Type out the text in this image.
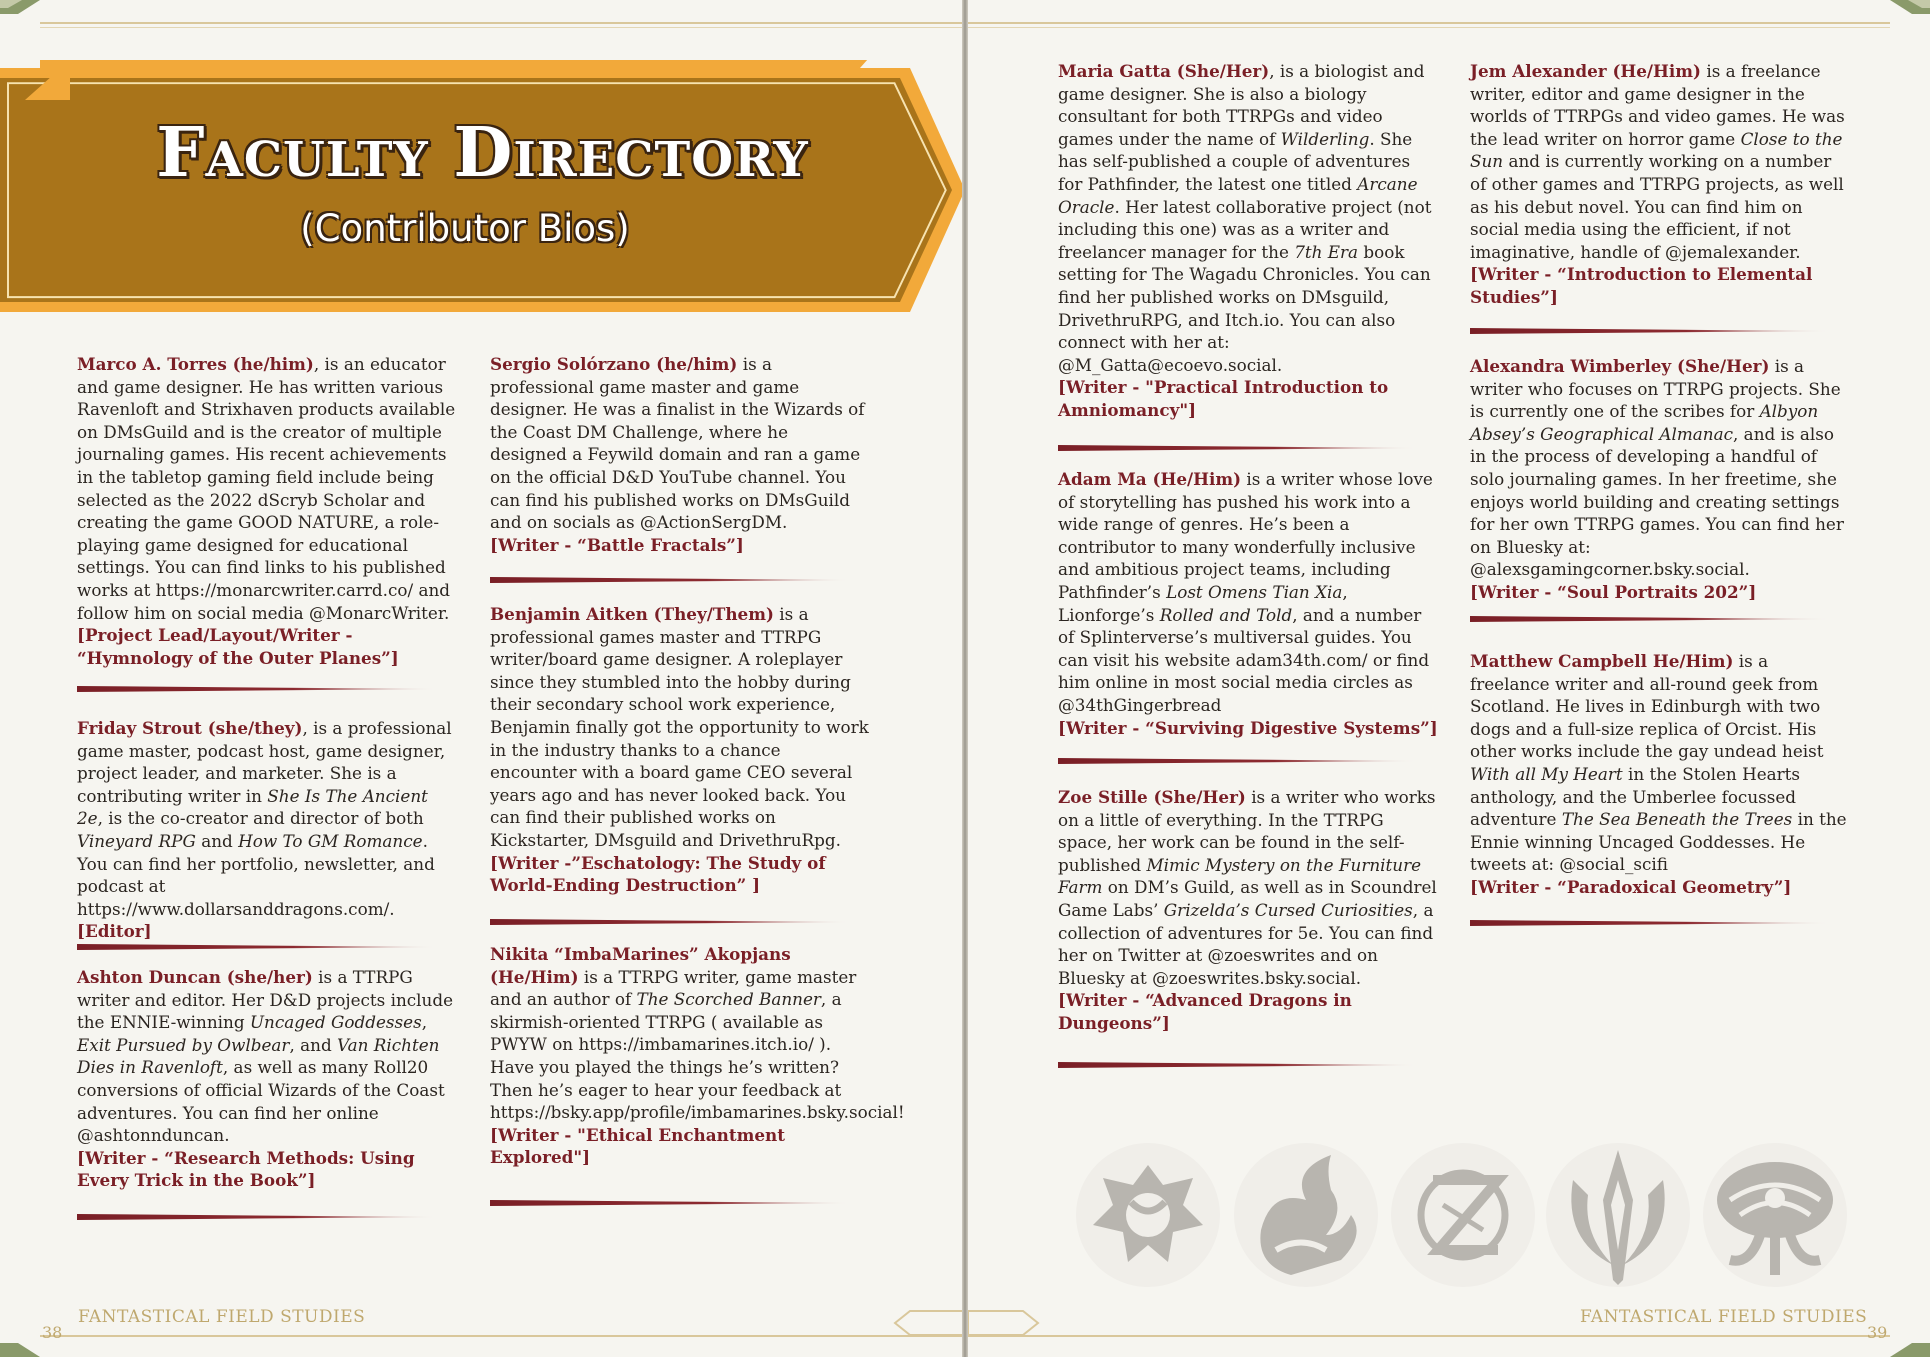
Faculty Directory
(Contributor Bios)

Marco A. Torres (he/him), is an educator and game designer. He has written various Ravenloft and Strixhaven products available on DMsGuild and is the creator of multiple journaling games. His recent achievements in the tabletop gaming field include being selected as the 2022 dScryb Scholar and creating the game GOOD NATURE, a role-playing game designed for educational settings. You can find links to his published works at https://monarcwriter.carrd.co/ and follow him on social media @MonarcWriter.
[Project Lead/Layout/Writer - “Hymnology of the Outer Planes”]

Friday Strout (she/they), is a professional game master, podcast host, game designer, project leader, and marketer. She is a contributing writer in She Is The Ancient 2e, is the co-creator and director of both Vineyard RPG and How To GM Romance. You can find her portfolio, newsletter, and podcast at https://www.dollarsanddragons.com/.
[Editor]

Ashton Duncan (she/her) is a TTRPG writer and editor. Her D&D projects include the ENNIE-winning Uncaged Goddesses, Exit Pursued by Owlbear, and Van Richten Dies in Ravenloft, as well as many Roll20 conversions of official Wizards of the Coast adventures. You can find her online @ashtonnduncan.
[Writer - “Research Methods: Using Every Trick in the Book”]

Sergio Solórzano (he/him) is a professional game master and game designer. He was a finalist in the Wizards of the Coast DM Challenge, where he designed a Feywild domain and ran a game on the official D&D YouTube channel. You can find his published works on DMsGuild and on socials as @ActionSergDM.
[Writer - “Battle Fractals”]

Benjamin Aitken (They/Them) is a professional games master and TTRPG writer/board game designer. A roleplayer since they stumbled into the hobby during their secondary school work experience, Benjamin finally got the opportunity to work in the industry thanks to a chance encounter with a board game CEO several years ago and has never looked back. You can find their published works on Kickstarter, DMsguild and DrivethruRpg.
[Writer -”Eschatology: The Study of World-Ending Destruction” ]

Nikita “ImbaMarines” Akopjans (He/Him) is a TTRPG writer, game master and an author of The Scorched Banner, a skirmish-oriented TTRPG ( available as PWYW on https://imbamarines.itch.io/ ). Have you played the things he’s written? Then he’s eager to hear your feedback at https://bsky.app/profile/imbamarines.bsky.social!
[Writer - "Ethical Enchantment Explored"]

FANTASTICAL FIELD STUDIES
38

Maria Gatta (She/Her), is a biologist and game designer. She is also a biology consultant for both TTRPGs and video games under the name of Wilderling. She has self-published a couple of adventures for Pathfinder, the latest one titled Arcane Oracle. Her latest collaborative project (not including this one) was as a writer and freelancer manager for the 7th Era book setting for The Wagadu Chronicles. You can find her published works on DMsguild, DrivethruRPG, and Itch.io. You can also connect with her at: @M_Gatta@ecoevo.social.
[Writer - "Practical Introduction to Amniomancy"]

Adam Ma (He/Him) is a writer whose love of storytelling has pushed his work into a wide range of genres. He’s been a contributor to many wonderfully inclusive and ambitious project teams, including Pathfinder’s Lost Omens Tian Xia, Lionforge’s Rolled and Told, and a number of Splinterverse’s multiversal guides. You can visit his website adam34th.com/ or find him online in most social media circles as @34thGingerbread
[Writer - “Surviving Digestive Systems”]

Zoe Stille (She/Her) is a writer who works on a little of everything. In the TTRPG space, her work can be found in the self-published Mimic Mystery on the Furniture Farm on DM’s Guild, as well as in Scoundrel Game Labs’ Grizelda’s Cursed Curiosities, a collection of adventures for 5e. You can find her on Twitter at @zoeswrites and on Bluesky at @zoeswrites.bsky.social.
[Writer - “Advanced Dragons in Dungeons”]

Jem Alexander (He/Him) is a freelance writer, editor and game designer in the worlds of TTRPGs and video games. He was the lead writer on horror game Close to the Sun and is currently working on a number of other games and TTRPG projects, as well as his debut novel. You can find him on social media using the efficient, if not imaginative, handle of @jemalexander.
[Writer - “Introduction to Elemental Studies”]

Alexandra Wimberley (She/Her) is a writer who focuses on TTRPG projects. She is currently one of the scribes for Albyon Absey’s Geographical Almanac, and is also in the process of developing a handful of solo journaling games. In her freetime, she enjoys world building and creating settings for her own TTRPG games. You can find her on Bluesky at: @alexsgamingcorner.bsky.social.
[Writer - “Soul Portraits 202”]

Matthew Campbell He/Him) is a freelance writer and all-round geek from Scotland. He lives in Edinburgh with two dogs and a full-size replica of Orcist. His other works include the gay undead heist With all My Heart in the Stolen Hearts anthology, and the Umberlee focussed adventure The Sea Beneath the Trees in the Ennie winning Uncaged Goddesses. He tweets at: @social_scifi
[Writer - “Paradoxical Geometry”]

FANTASTICAL FIELD STUDIES
39
